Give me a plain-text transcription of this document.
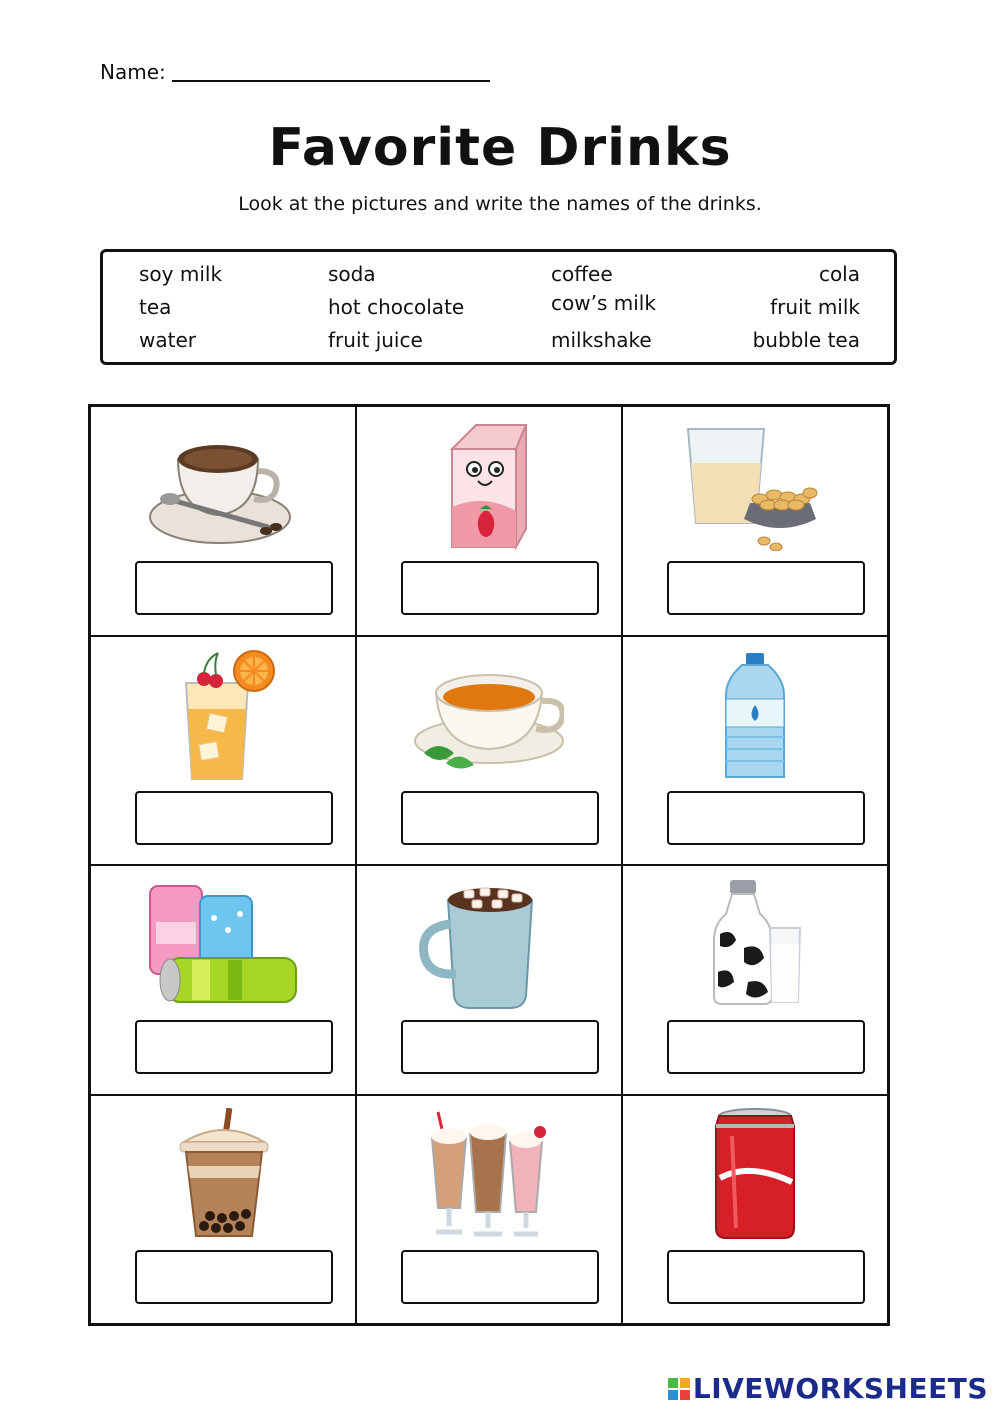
Name:
Favorite Drinks
Look at the pictures and write the names of the drinks.
soy milk
tea
water
soda
hot chocolate
fruit juice
coffee
cow’s milk
milkshake
cola
fruit milk
bubble tea
LIVEWORKSHEETS
